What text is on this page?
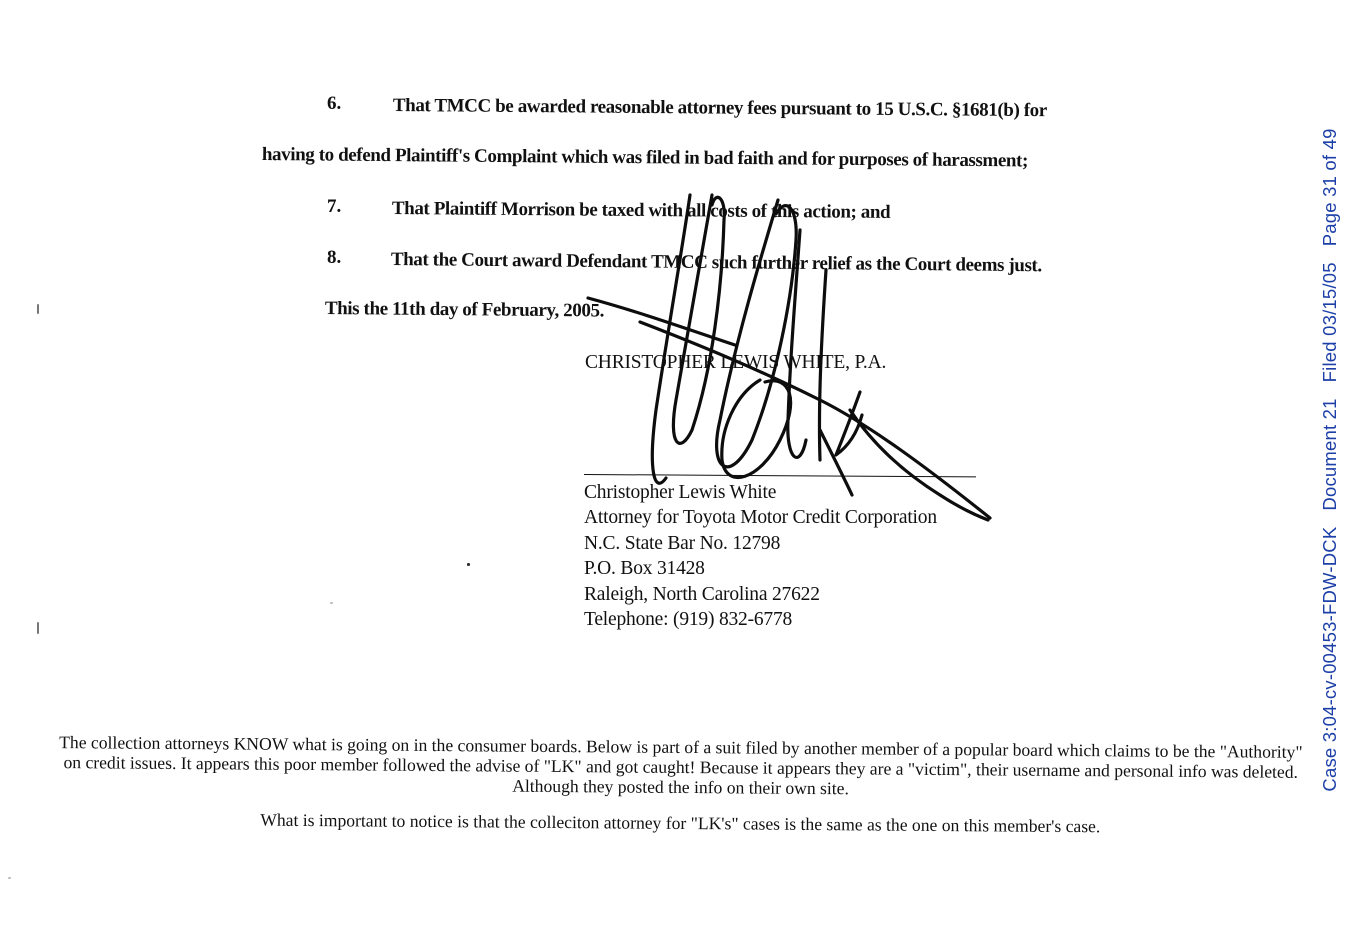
6.	That TMCC be awarded reasonable attorney fees pursuant to 15 U.S.C. §1681(b) for
having to defend Plaintiff's Complaint which was filed in bad faith and for purposes of harassment;
7.	That Plaintiff Morrison be taxed with all costs of this action; and
8.	That the Court award Defendant TMCC such further relief as the Court deems just.
This the 11th day of February, 2005.
CHRISTOPHER LEWIS WHITE, P.A.
Christopher Lewis White
Attorney for Toyota Motor Credit Corporation
N.C. State Bar No. 12798
P.O. Box 31428
Raleigh, North Carolina 27622
Telephone: (919) 832-6778	Case 3:04-cv-00453-FDW-DCK   Document 21   Filed 03/15/05   Page 31 of 49

The collection attorneys KNOW what is going on in the consumer boards. Below is part of a suit filed by another member of a popular board which claims to be the "Authority" on credit issues. It appears this poor member followed the advise of "LK" and got caught! Because it appears they are a "victim", their username and personal info was deleted. Although they posted the info on their own site.

What is important to notice is that the colleciton attorney for "LK's" cases is the same as the one on this member's case.
